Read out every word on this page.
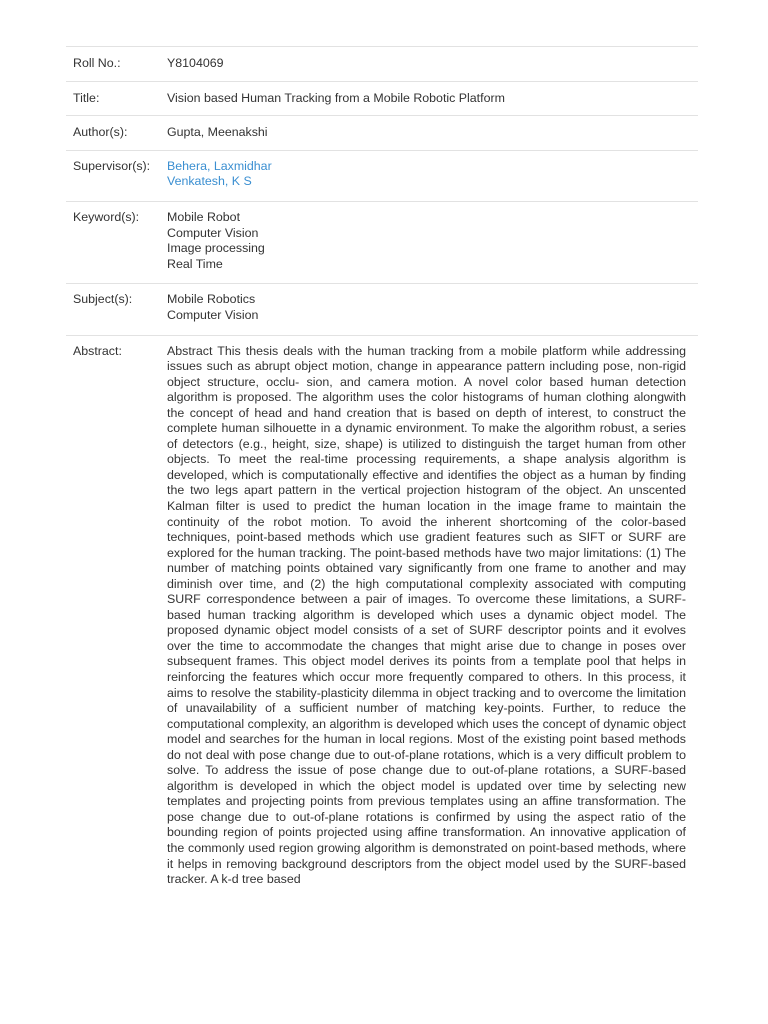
Roll No.:	Y8104069
Title:	Vision based Human Tracking from a Mobile Robotic Platform
Author(s):	Gupta, Meenakshi
Supervisor(s):	Behera, Laxmidhar
Venkatesh, K S
Keyword(s):	Mobile Robot
Computer Vision
Image processing
Real Time
Subject(s):	Mobile Robotics
Computer Vision
Abstract:	Abstract This thesis deals with the human tracking from a mobile platform while addressing issues such as abrupt object motion, change in appearance pattern including pose, non-rigid object structure, occlu- sion, and camera motion. A novel color based human detection algorithm is proposed. The algorithm uses the color histograms of human clothing alongwith the concept of head and hand creation that is based on depth of interest, to construct the complete human silhouette in a dynamic environment. To make the algorithm robust, a series of detectors (e.g., height, size, shape) is utilized to distinguish the target human from other objects. To meet the real-time processing requirements, a shape analysis algorithm is developed, which is computationally effective and identifies the object as a human by finding the two legs apart pattern in the vertical projection histogram of the object. An unscented Kalman filter is used to predict the human location in the image frame to maintain the continuity of the robot motion. To avoid the inherent shortcoming of the color-based techniques, point-based methods which use gradient features such as SIFT or SURF are explored for the human tracking. The point-based methods have two major limitations: (1) The number of matching points obtained vary significantly from one frame to another and may diminish over time, and (2) the high computational complexity associated with computing SURF correspondence between a pair of images. To overcome these limitations, a SURF-based human tracking algorithm is developed which uses a dynamic object model. The proposed dynamic object model consists of a set of SURF descriptor points and it evolves over the time to accommodate the changes that might arise due to change in poses over subsequent frames. This object model derives its points from a template pool that helps in reinforcing the features which occur more frequently compared to others. In this process, it aims to resolve the stability-plasticity dilemma in object tracking and to overcome the limitation of unavailability of a sufficient number of matching key-points. Further, to reduce the computational complexity, an algorithm is developed which uses the concept of dynamic object model and searches for the human in local regions. Most of the existing point based methods do not deal with pose change due to out-of-plane rotations, which is a very difficult problem to solve. To address the issue of pose change due to out-of-plane rotations, a SURF-based algorithm is developed in which the object model is updated over time by selecting new templates and projecting points from previous templates using an affine transformation. The pose change due to out-of-plane rotations is confirmed by using the aspect ratio of the bounding region of points projected using affine transformation. An innovative application of the commonly used region growing algorithm is demonstrated on point-based methods, where it helps in removing background descriptors from the object model used by the SURF-based tracker. A k-d tree based
